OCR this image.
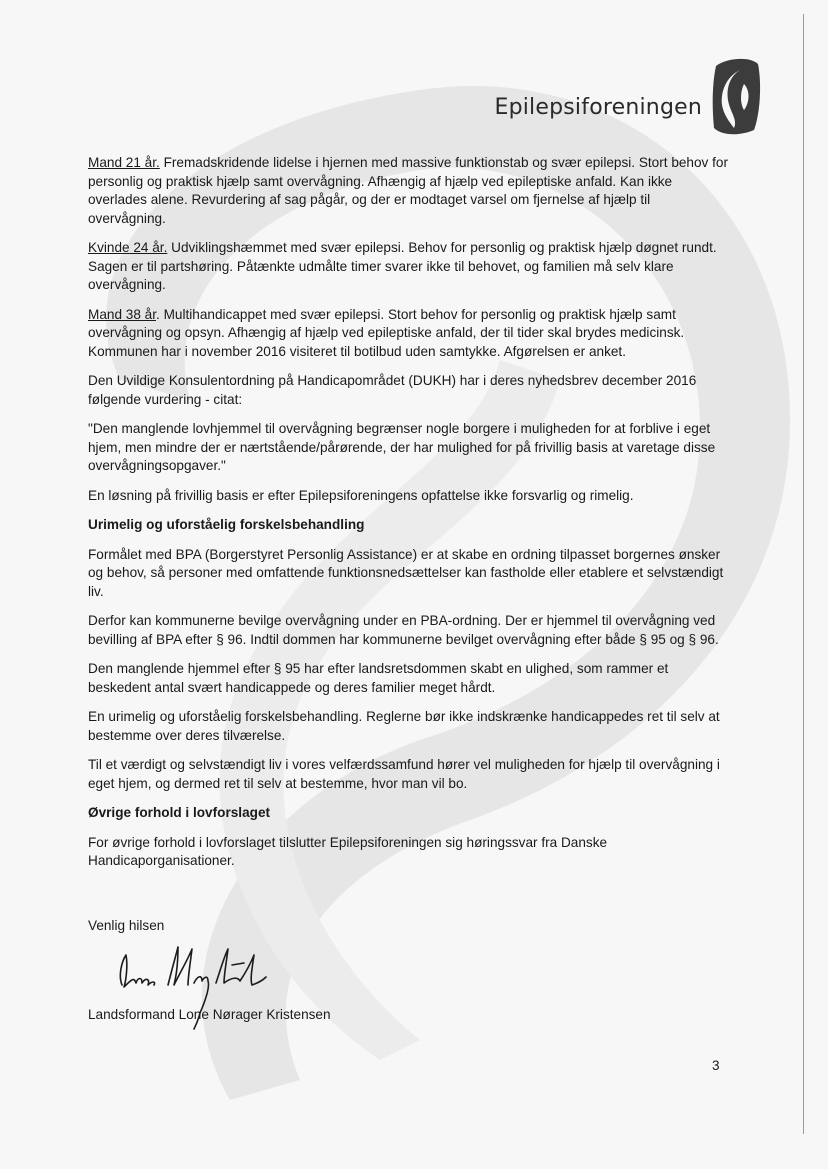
Epilepsiforeningen

Mand 21 år. Fremadskridende lidelse i hjernen med massive funktionstab og svær epilepsi. Stort behov for personlig og praktisk hjælp samt overvågning. Afhængig af hjælp ved epileptiske anfald. Kan ikke overlades alene. Revurdering af sag pågår, og der er modtaget varsel om fjernelse af hjælp til overvågning.

Kvinde 24 år. Udviklingshæmmet med svær epilepsi. Behov for personlig og praktisk hjælp døgnet rundt. Sagen er til partshøring. Påtænkte udmålte timer svarer ikke til behovet, og familien må selv klare overvågning.

Mand 38 år. Multihandicappet med svær epilepsi. Stort behov for personlig og praktisk hjælp samt overvågning og opsyn. Afhængig af hjælp ved epileptiske anfald, der til tider skal brydes medicinsk. Kommunen har i november 2016 visiteret til botilbud uden samtykke. Afgørelsen er anket.

Den Uvildige Konsulentordning på Handicapområdet (DUKH) har i deres nyhedsbrev december 2016 følgende vurdering - citat:

"Den manglende lovhjemmel til overvågning begrænser nogle borgere i muligheden for at forblive i eget hjem, men mindre der er nærtstående/pårørende, der har mulighed for på frivillig basis at varetage disse overvågningsopgaver."

En løsning på frivillig basis er efter Epilepsiforeningens opfattelse ikke forsvarlig og rimelig.

Urimelig og uforståelig forskelsbehandling

Formålet med BPA (Borgerstyret Personlig Assistance) er at skabe en ordning tilpasset borgernes ønsker og behov, så personer med omfattende funktionsnedsættelser kan fastholde eller etablere et selvstændigt liv.

Derfor kan kommunerne bevilge overvågning under en PBA-ordning. Der er hjemmel til overvågning ved bevilling af BPA efter § 96. Indtil dommen har kommunerne bevilget overvågning efter både § 95 og § 96.

Den manglende hjemmel efter § 95 har efter landsretsdommen skabt en ulighed, som rammer et beskedent antal svært handicappede og deres familier meget hårdt.

En urimelig og uforståelig forskelsbehandling. Reglerne bør ikke indskrænke handicappedes ret til selv at bestemme over deres tilværelse.

Til et værdigt og selvstændigt liv i vores velfærdssamfund hører vel muligheden for hjælp til overvågning i eget hjem, og dermed ret til selv at bestemme, hvor man vil bo.

Øvrige forhold i lovforslaget

For øvrige forhold i lovforslaget tilslutter Epilepsiforeningen sig høringssvar fra Danske Handicaporganisationer.

Venlig hilsen
Landsformand Lone Nørager Kristensen
3
